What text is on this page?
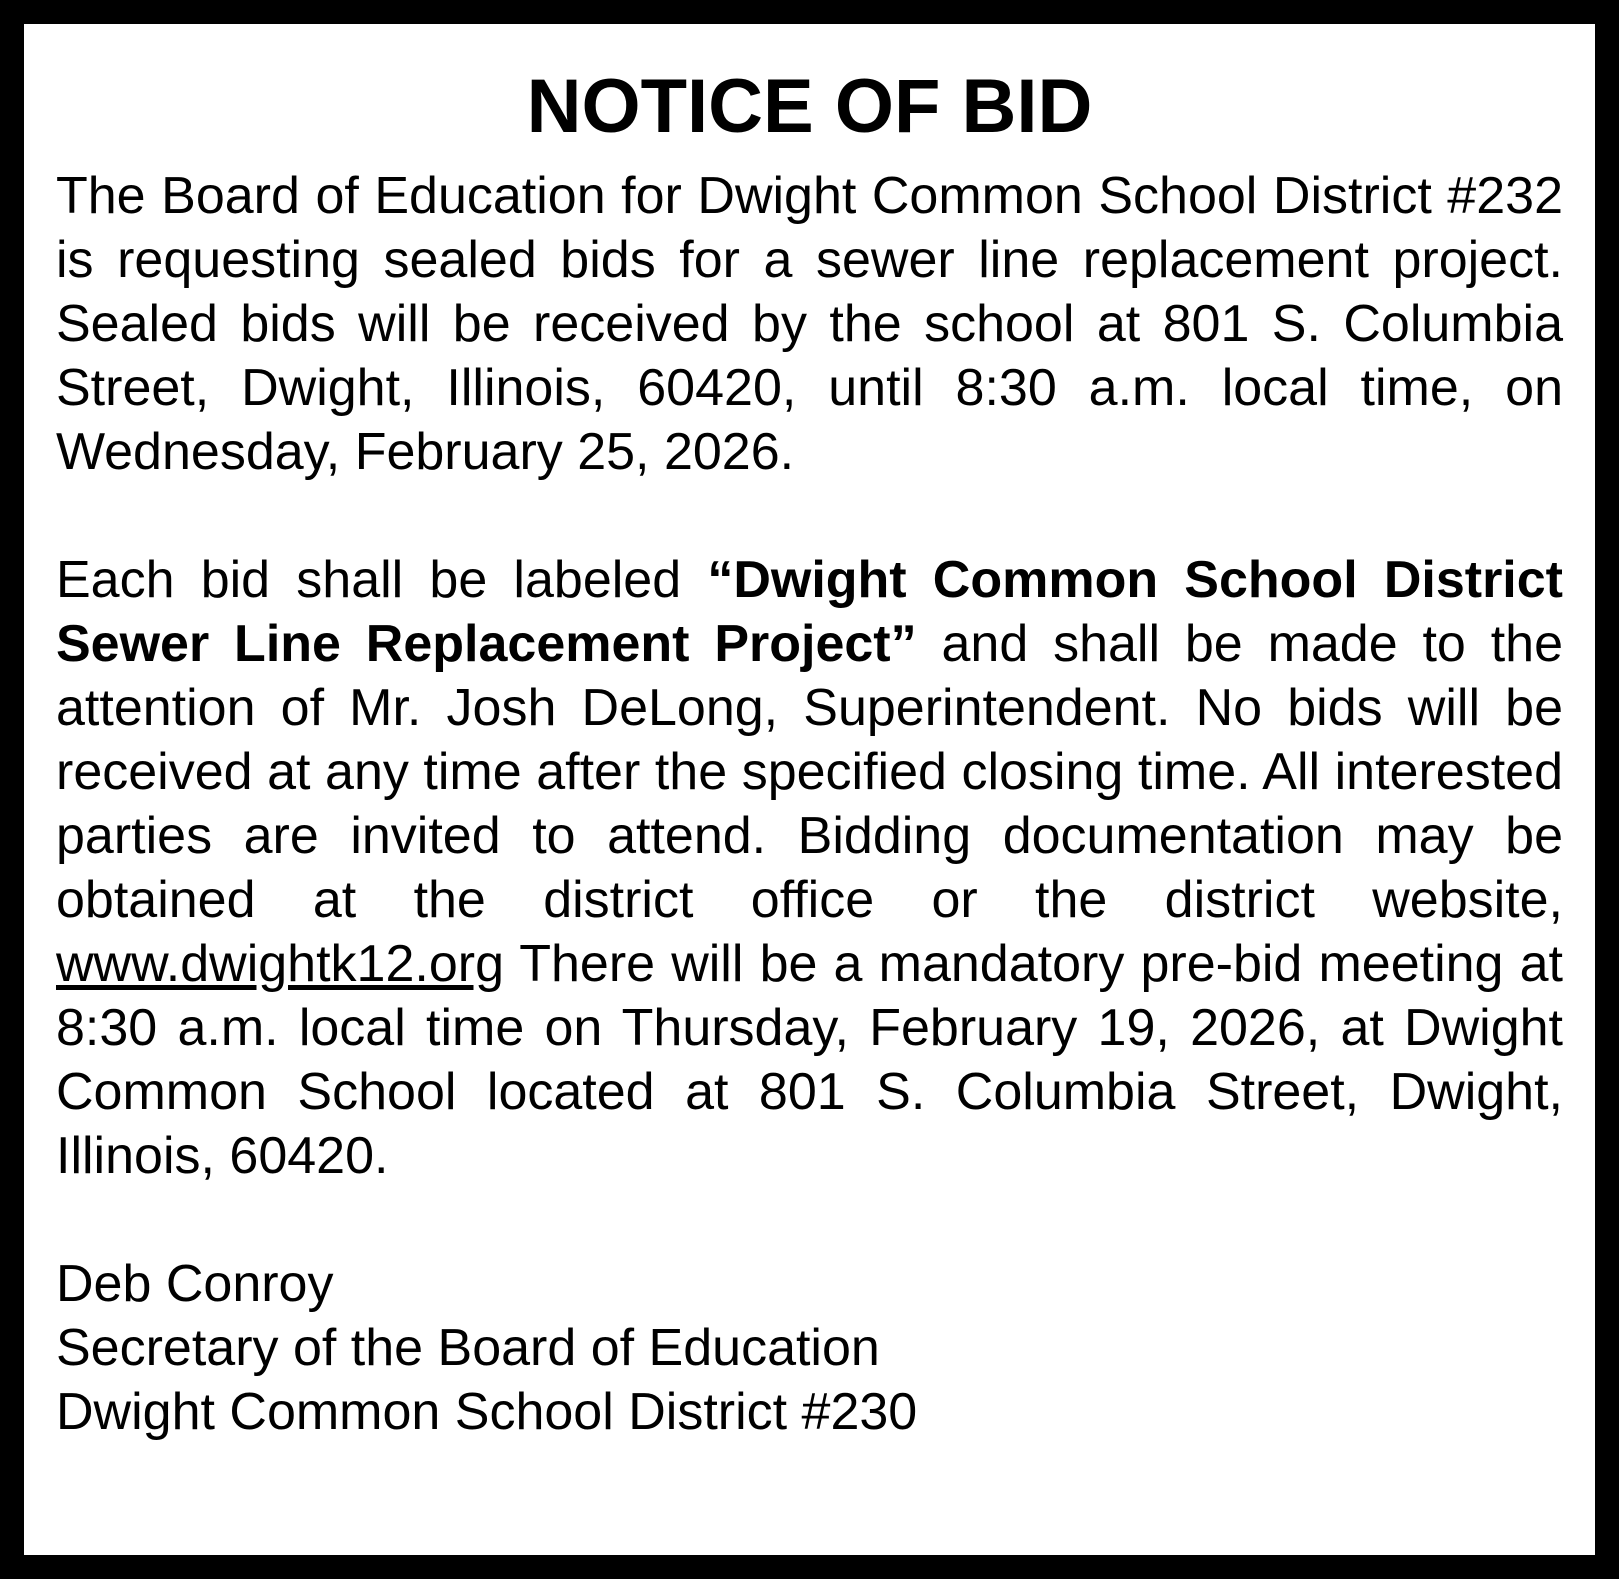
NOTICE OF BID

The Board of Education for Dwight Common School District #232 is requesting sealed bids for a sewer line replacement project. Sealed bids will be received by the school at 801 S. Columbia Street, Dwight, Illinois, 60420, until 8:30 a.m. local time, on Wednesday, February 25, 2026.

Each bid shall be labeled “Dwight Common School District Sewer Line Replacement Project” and shall be made to the attention of Mr. Josh DeLong, Superintendent. No bids will be received at any time after the specified closing time. All interested parties are invited to attend. Bidding documentation may be obtained at the district office or the district website, www.dwightk12.org There will be a mandatory pre-bid meeting at 8:30 a.m. local time on Thursday, February 19, 2026, at Dwight Common School located at 801 S. Columbia Street, Dwight, Illinois, 60420.

Deb Conroy
Secretary of the Board of Education
Dwight Common School District #230
